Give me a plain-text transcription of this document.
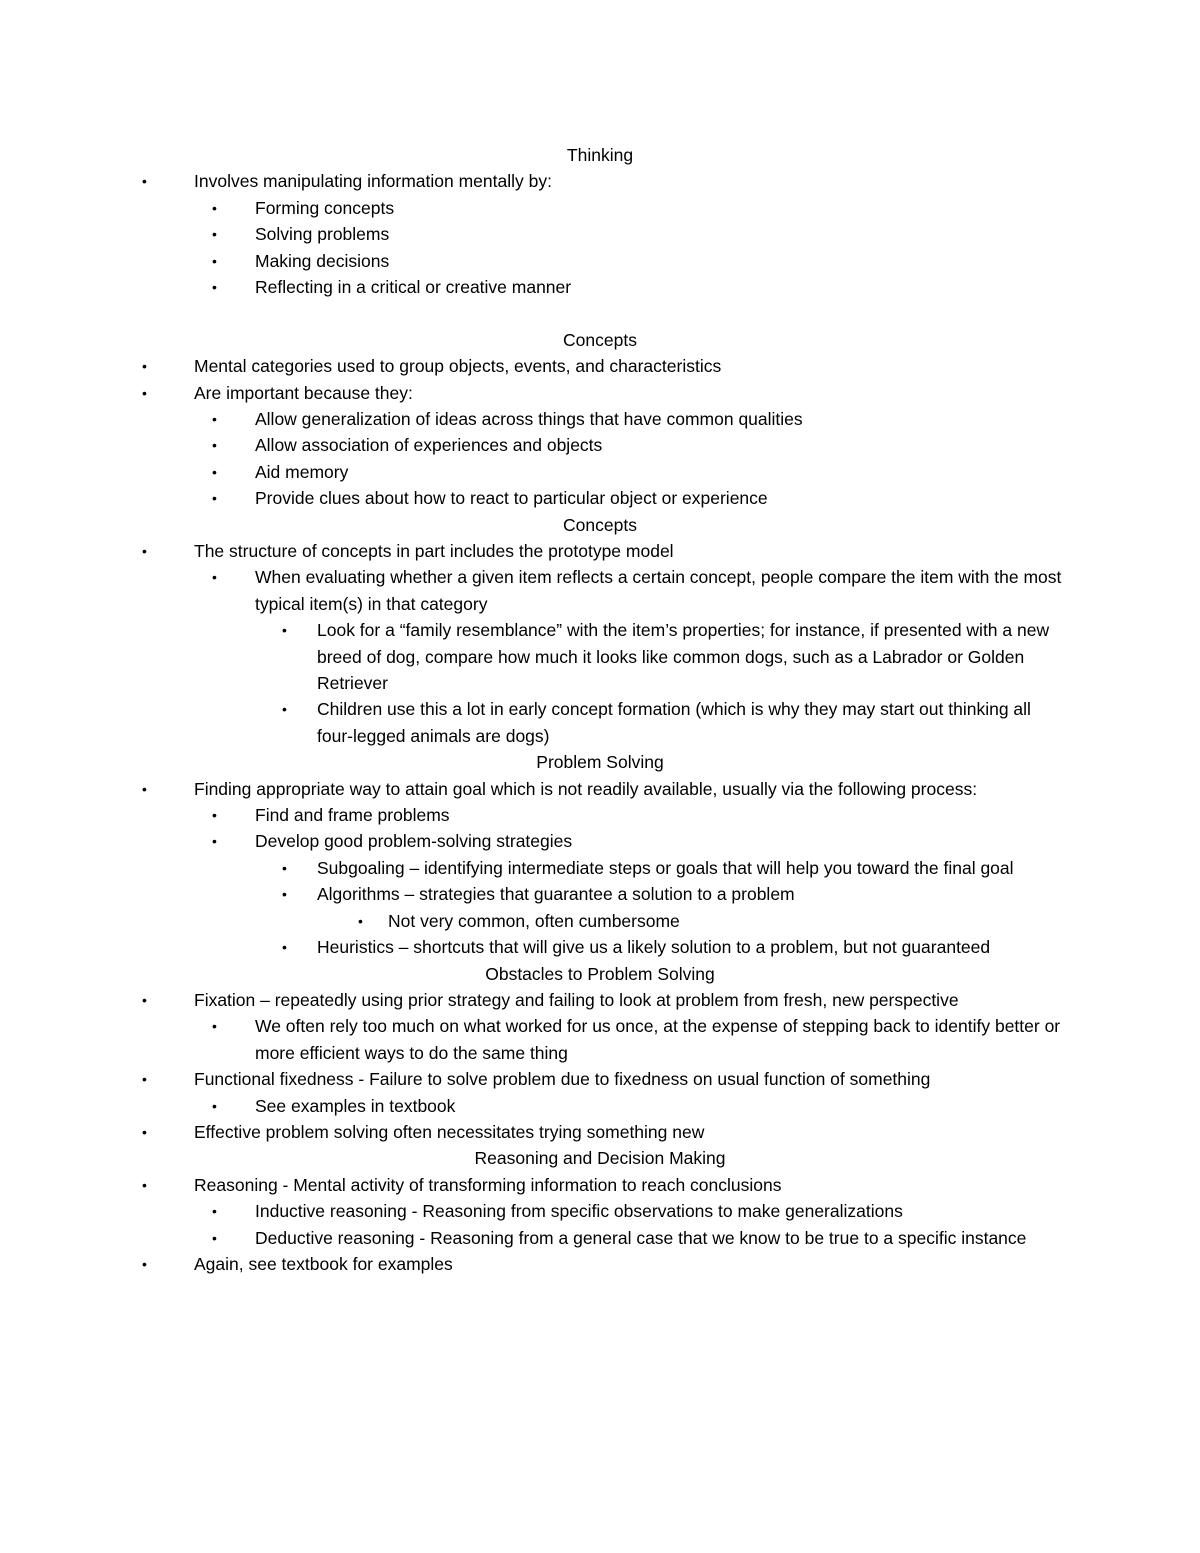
Thinking
•	Involves manipulating information mentally by:
• Forming concepts
• Solving problems
• Making decisions
• Reflecting in a critical or creative manner
Concepts
•	Mental categories used to group objects, events, and characteristics
•	Are important because they:
• Allow generalization of ideas across things that have common qualities
• Allow association of experiences and objects
• Aid memory
• Provide clues about how to react to particular object or experience
Concepts
•	The structure of concepts in part includes the prototype model
• When evaluating whether a given item reflects a certain concept, people compare the item with the most typical item(s) in that category
• Look for a “family resemblance” with the item’s properties; for instance, if presented with a new breed of dog, compare how much it looks like common dogs, such as a Labrador or Golden Retriever
• Children use this a lot in early concept formation (which is why they may start out thinking all four-legged animals are dogs)
Problem Solving
•	Finding appropriate way to attain goal which is not readily available, usually via the following process:
• Find and frame problems
• Develop good problem-solving strategies
• Subgoaling – identifying intermediate steps or goals that will help you toward the final goal
• Algorithms – strategies that guarantee a solution to a problem
• Not very common, often cumbersome
• Heuristics – shortcuts that will give us a likely solution to a problem, but not guaranteed
Obstacles to Problem Solving
•	Fixation – repeatedly using prior strategy and failing to look at problem from fresh, new perspective
• We often rely too much on what worked for us once, at the expense of stepping back to identify better or more efficient ways to do the same thing
•	Functional fixedness - Failure to solve problem due to fixedness on usual function of something
• See examples in textbook
•	Effective problem solving often necessitates trying something new
Reasoning and Decision Making
•	Reasoning - Mental activity of transforming information to reach conclusions
• Inductive reasoning - Reasoning from specific observations to make generalizations
• Deductive reasoning - Reasoning from a general case that we know to be true to a specific instance
•	Again, see textbook for examples
